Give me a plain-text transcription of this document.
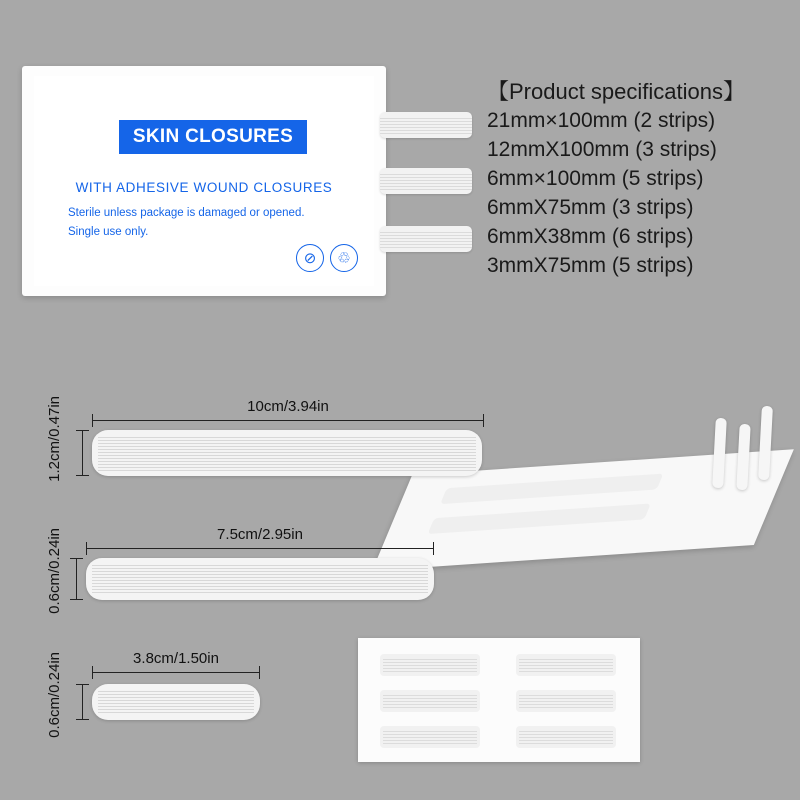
SKIN CLOSURES
WITH ADHESIVE WOUND CLOSURES
Sterile unless package is damaged or opened.
Single use only.
⊘	♲
【Product specifications】
21mm×100mm (2 strips)
12mmX100mm (3 strips)
6mm×100mm (5 strips)
6mmX75mm (3 strips)
6mmX38mm (6 strips)
3mmX75mm (5 strips)
10cm/3.94in
1.2cm/0.47in
7.5cm/2.95in
0.6cm/0.24in
3.8cm/1.50in
0.6cm/0.24in
